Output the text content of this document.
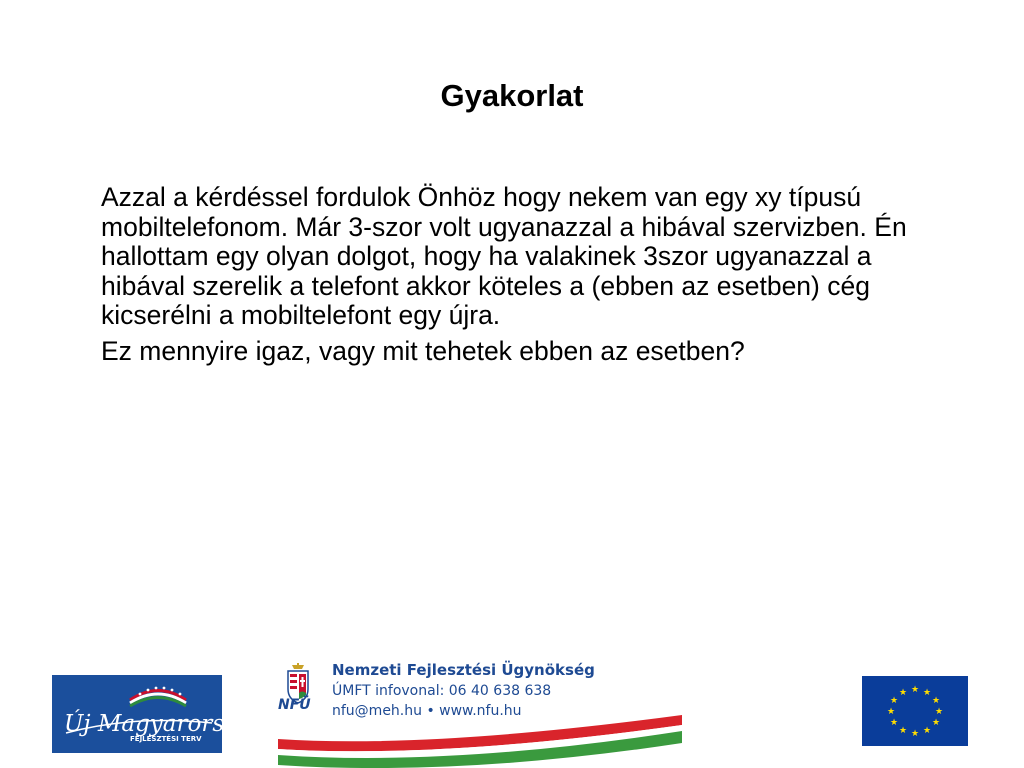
Gyakorlat

Azzal a kérdéssel fordulok Önhöz hogy nekem van egy xy típusú mobiltelefonom. Már 3-szor volt ugyanazzal a hibával szervizben. Én hallottam egy olyan dolgot, hogy ha valakinek 3szor ugyanazzal a hibával szerelik a telefont akkor köteles a (ebben az esetben) cég kicserélni a mobiltelefont egy újra.

Ez mennyire igaz, vagy mit tehetek ebben az esetben?

Új Magyarország
FEJLESZTÉSI TERV
NFÜ
Nemzeti Fejlesztési Ügynökség
ÚMFT infovonal: 06 40 638 638
nfu@meh.hu • www.nfu.hu
★ ★
★
★
★
★
★
★
★
★
★
★
